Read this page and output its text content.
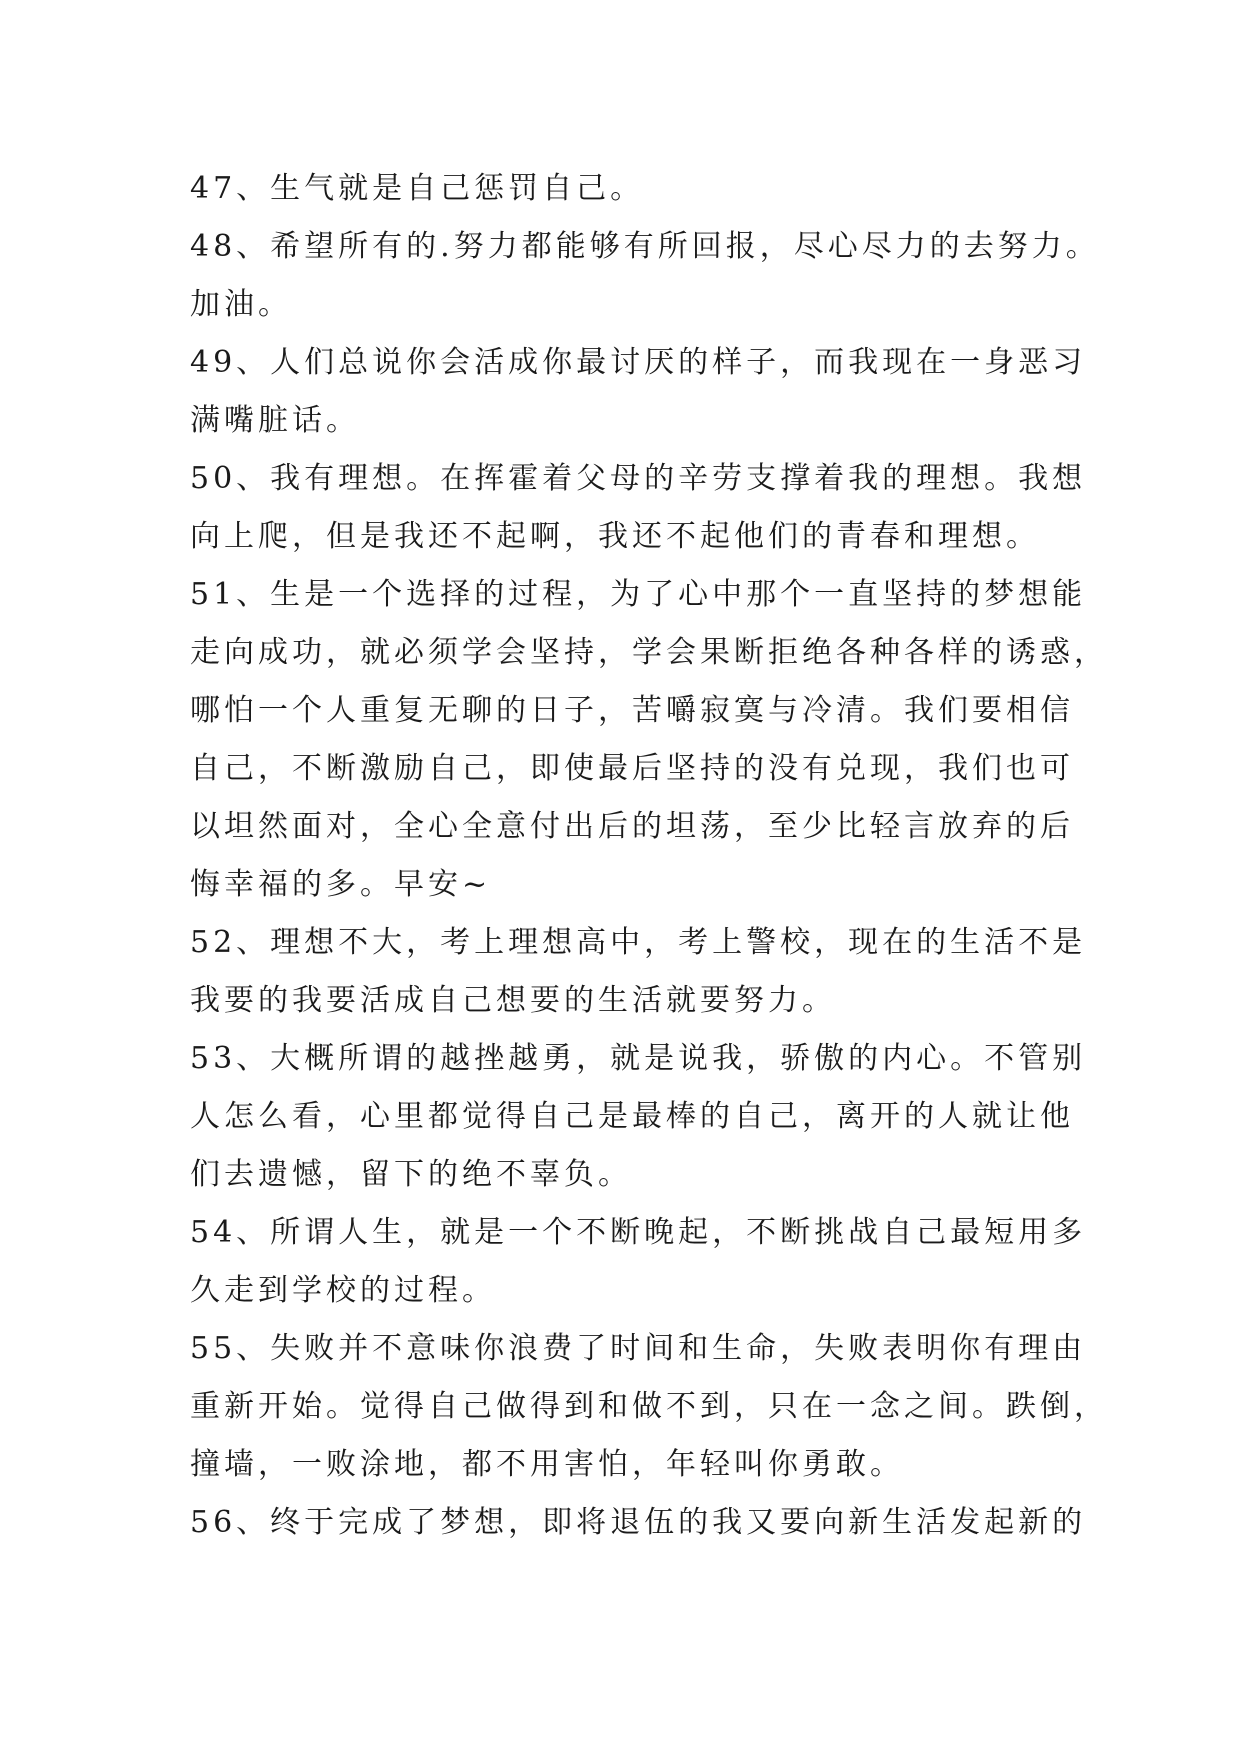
47、生气就是自己惩罚自己。
48、希望所有的.努力都能够有所回报，尽心尽力的去努力。
加油。
49、人们总说你会活成你最讨厌的样子，而我现在一身恶习
满嘴脏话。
50、我有理想。在挥霍着父母的辛劳支撑着我的理想。我想
向上爬，但是我还不起啊，我还不起他们的青春和理想。
51、生是一个选择的过程，为了心中那个一直坚持的梦想能
走向成功，就必须学会坚持，学会果断拒绝各种各样的诱惑，
哪怕一个人重复无聊的日子，苦嚼寂寞与冷清。我们要相信
自己，不断激励自己，即使最后坚持的没有兑现，我们也可
以坦然面对，全心全意付出后的坦荡，至少比轻言放弃的后
悔幸福的多。早安~
52、理想不大，考上理想高中，考上警校，现在的生活不是
我要的我要活成自己想要的生活就要努力。
53、大概所谓的越挫越勇，就是说我，骄傲的内心。不管别
人怎么看，心里都觉得自己是最棒的自己，离开的人就让他
们去遗憾，留下的绝不辜负。
54、所谓人生，就是一个不断晚起，不断挑战自己最短用多
久走到学校的过程。
55、失败并不意味你浪费了时间和生命，失败表明你有理由
重新开始。觉得自己做得到和做不到，只在一念之间。跌倒，
撞墙，一败涂地，都不用害怕，年轻叫你勇敢。
56、终于完成了梦想，即将退伍的我又要向新生活发起新的
